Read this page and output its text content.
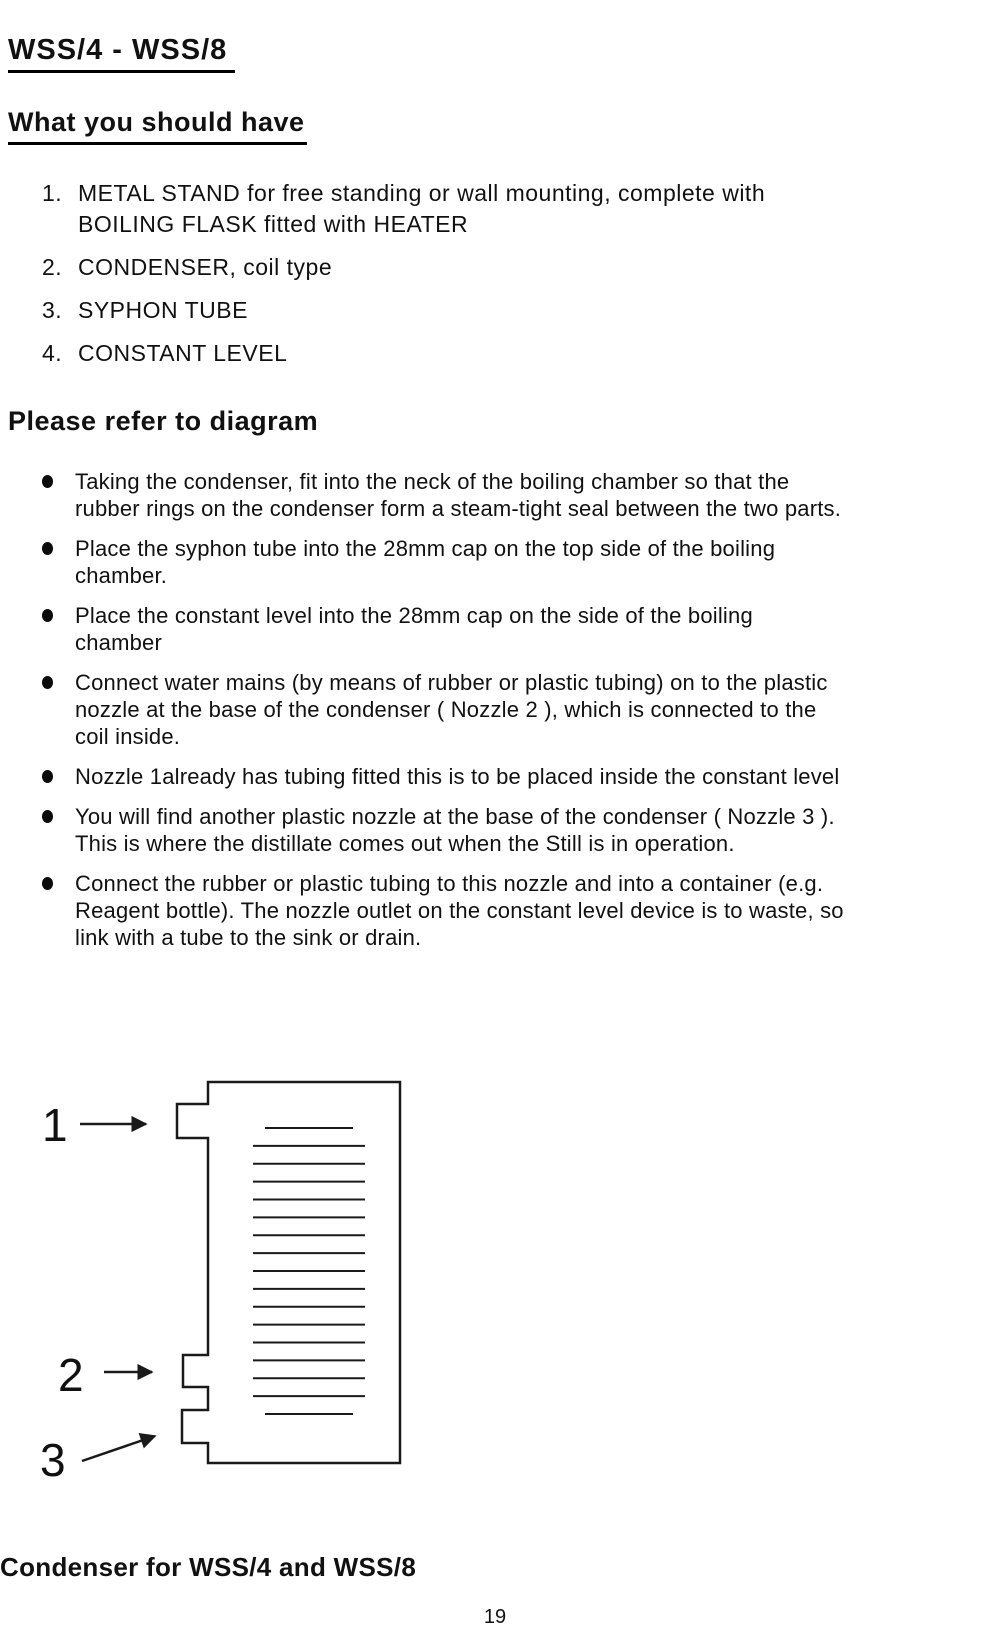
WSS/4 - WSS/8
What you should have
1. METAL STAND for free standing or wall mounting, complete with
BOILING FLASK fitted with HEATER
2. CONDENSER, coil type
3. SYPHON TUBE
4. CONSTANT LEVEL
Please refer to diagram
Taking the condenser, fit into the neck of the boiling chamber so that the
rubber rings on the condenser form a steam-tight seal between the two parts.
Place the syphon tube into the 28mm cap on the top side of the boiling
chamber.
Place the constant level into the 28mm cap on the side of the boiling
chamber
Connect water mains (by means of rubber or plastic tubing) on to the plastic
nozzle at the base of the condenser ( Nozzle 2 ), which is connected to the
coil inside.
Nozzle 1already has tubing fitted this is to be placed inside the constant level
You will find another plastic nozzle at the base of the condenser ( Nozzle 3 ).
This is where the distillate comes out when the Still is in operation.
Connect the rubber or plastic tubing to this nozzle and into a container (e.g.
Reagent bottle). The nozzle outlet on the constant level device is to waste, so
link with a tube to the sink or drain.
1
2
3
Condenser for WSS/4 and WSS/8
19
